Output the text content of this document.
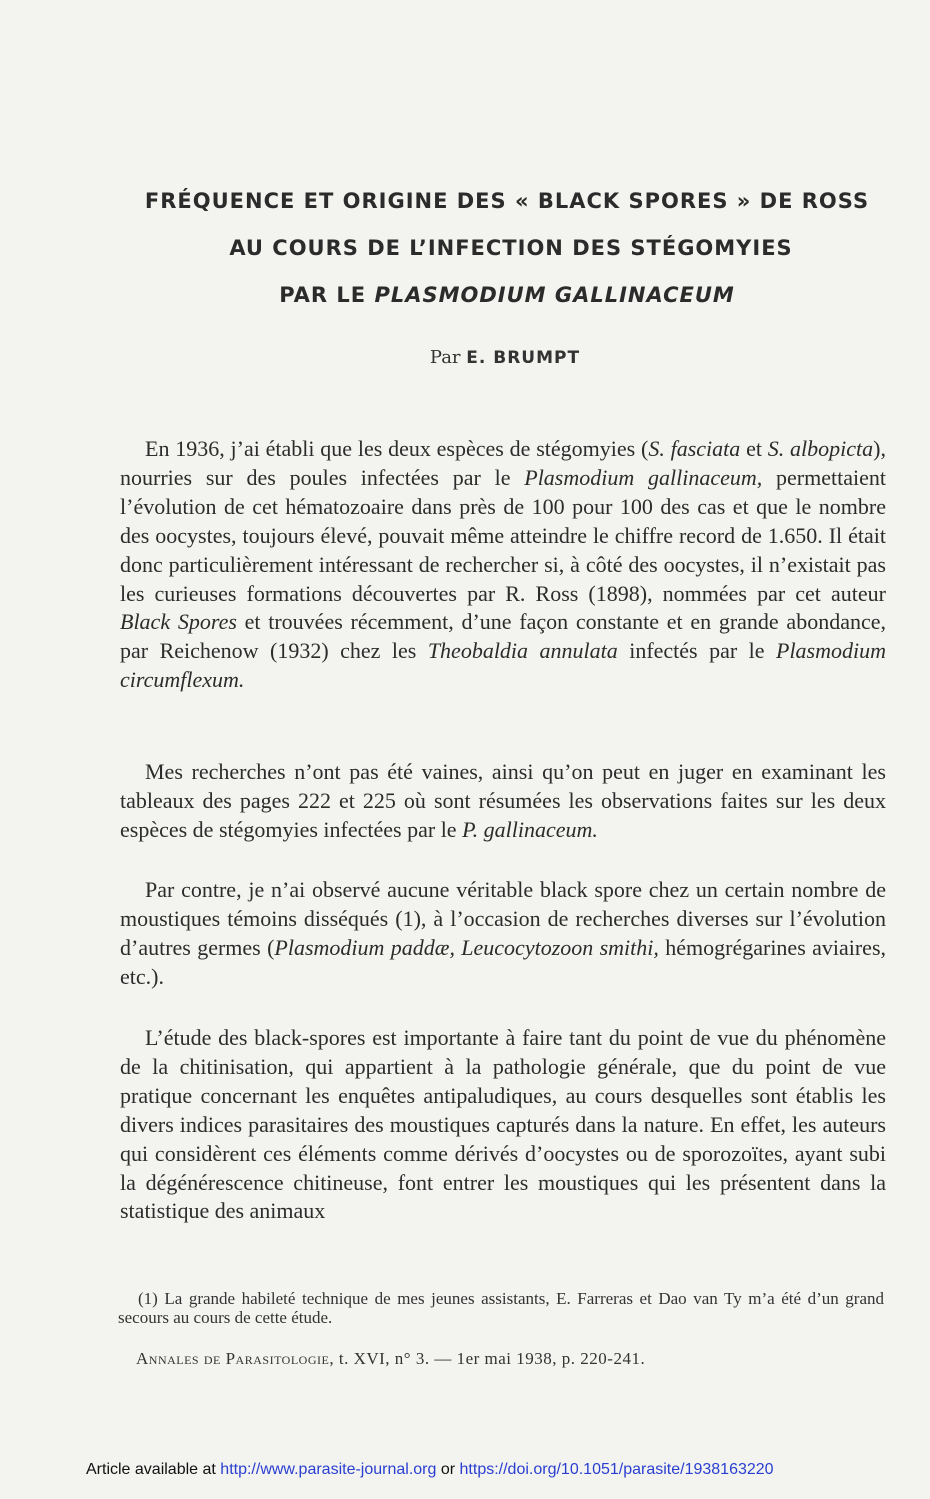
FRÉQUENCE ET ORIGINE DES « BLACK SPORES » DE ROSS
AU COURS DE L’INFECTION DES STÉGOMYIES
PAR LE PLASMODIUM GALLINACEUM
Par E. BRUMPT

En 1936, j’ai établi que les deux espèces de stégomyies (S. fasciata et S. albopicta), nourries sur des poules infectées par le Plasmodium gallinaceum, permettaient l’évolution de cet hématozoaire dans près de 100 pour 100 des cas et que le nombre des oocystes, toujours élevé, pouvait même atteindre le chiffre record de 1.650. Il était donc particulièrement intéressant de rechercher si, à côté des oocystes, il n’existait pas les curieuses formations découvertes par R. Ross (1898), nommées par cet auteur Black Spores et trouvées récemment, d’une façon constante et en grande abondance, par Reichenow (1932) chez les Theobaldia annulata infectés par le Plasmodium circumflexum.

Mes recherches n’ont pas été vaines, ainsi qu’on peut en juger en examinant les tableaux des pages 222 et 225 où sont résumées les observations faites sur les deux espèces de stégomyies infectées par le P. gallinaceum.

Par contre, je n’ai observé aucune véritable black spore chez un certain nombre de moustiques témoins disséqués (1), à l’occasion de recherches diverses sur l’évolution d’autres germes (Plasmodium paddæ, Leucocytozoon smithi, hémogrégarines aviaires, etc.).

L’étude des black-spores est importante à faire tant du point de vue du phénomène de la chitinisation, qui appartient à la pathologie générale, que du point de vue pratique concernant les enquêtes antipaludiques, au cours desquelles sont établis les divers indices parasitaires des moustiques capturés dans la nature. En effet, les auteurs qui considèrent ces éléments comme dérivés d’oocystes ou de sporozoïtes, ayant subi la dégénérescence chitineuse, font entrer les moustiques qui les présentent dans la statistique des animaux

(1) La grande habileté technique de mes jeunes assistants, E. Farreras et Dao van Ty m’a été d’un grand secours au cours de cette étude.
Annales de Parasitologie, t. XVI, n° 3. — 1er mai 1938, p. 220-241.
Article available at http://www.parasite-journal.org or https://doi.org/10.1051/parasite/1938163220
